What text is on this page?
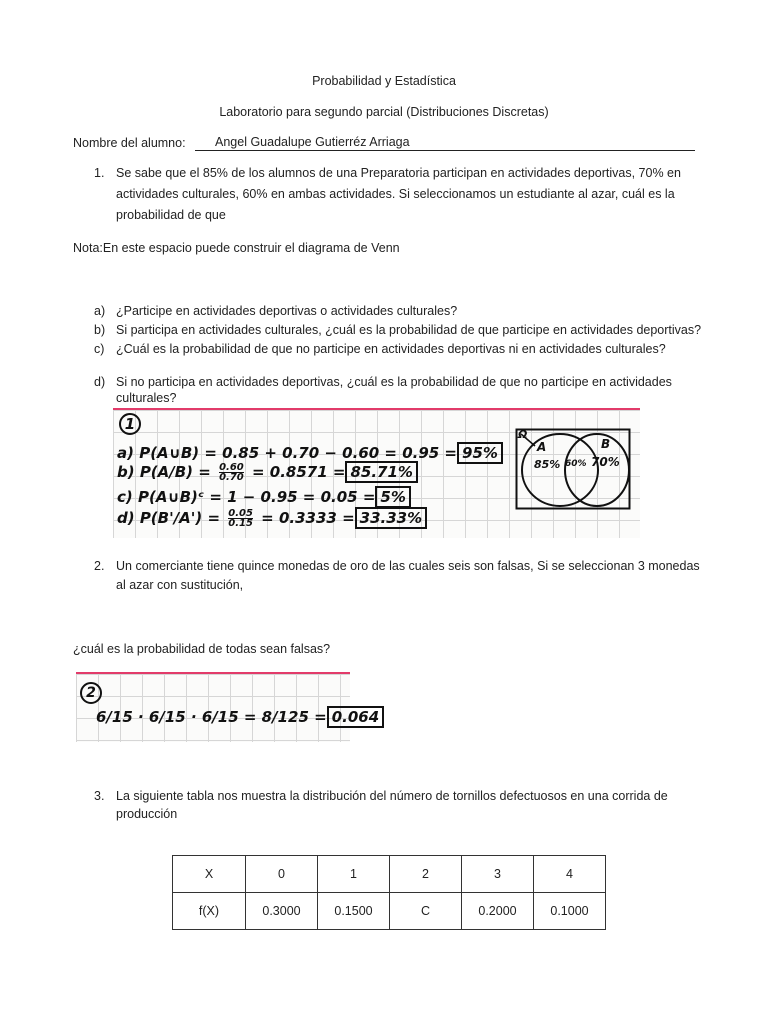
Probabilidad y Estadística
Laboratorio para segundo parcial (Distribuciones Discretas)
Nombre del alumno:	Angel Guadalupe Gutierréz Arriaga
1. Se sabe que el 85% de los alumnos de una Preparatoria participan en actividades deportivas, 70% en
actividades culturales, 60% en ambas actividades. Si seleccionamos un estudiante al azar, cuál es la
probabilidad de que
Nota:En este espacio puede construir el diagrama de Venn
a) ¿Participe en actividades deportivas o actividades culturales?
b) Si participa en actividades culturales, ¿cuál es la probabilidad de que participe en actividades deportivas?
c) ¿Cuál es la probabilidad de que no participe en actividades deportivas ni en actividades culturales?
d) Si no participa en actividades deportivas, ¿cuál es la probabilidad de que no participe en actividades
culturales?
1
a) P(A∪B) = 0.85 + 0.70 − 0.60 = 0.95 = 95%
b) $P(A/B) = \frac{0.60}{0.70} = 0.8571 = 85.71\%$
c) P(A∪B)ᶜ = 1 − 0.95 = 0.05 = 5%
d) $P(B'/A') = \frac{0.05}{0.15} = 0.3333 = 33.33\%$
Ω
A	B
85% 60% 70%
2. Un comerciante tiene quince monedas de oro de las cuales seis son falsas, Si se seleccionan 3 monedas
al azar con sustitución,
¿cuál es la probabilidad de todas sean falsas?
2
6/15 · 6/15 · 6/15 = 8/125 = 0.064
3. La siguiente tabla nos muestra la distribución del número de tornillos defectuosos en una corrida de
producción
X	0	1	2	3	4
f(X)	0.3000	0.1500	C	0.2000	0.1000
